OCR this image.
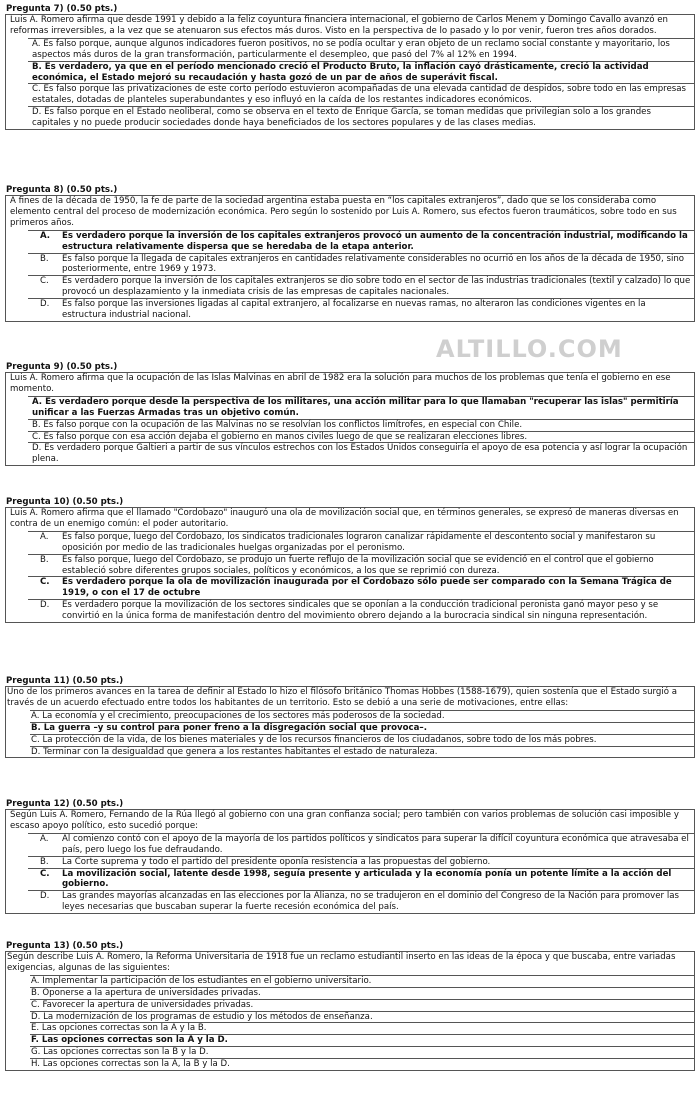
ALTILLO.COM
Pregunta 7) (0.50 pts.)
Luis A. Romero afirma que desde 1991 y debido a la feliz coyuntura financiera internacional, el gobierno de Carlos Menem y Domingo Cavallo avanzó en reformas irreversibles, a la vez que se atenuaron sus efectos más duros. Visto en la perspectiva de lo pasado y lo por venir, fueron tres años dorados.
A. Es falso porque, aunque algunos indicadores fueron positivos, no se podía ocultar y eran objeto de un reclamo social constante y mayoritario, los aspectos más duros de la gran transformación, particularmente el desempleo, que pasó del 7% al 12% en 1994.
B. Es verdadero, ya que en el período mencionado creció el Producto Bruto, la inflación cayó drásticamente, creció la actividad económica, el Estado mejoró su recaudación y hasta gozó de un par de años de superávit fiscal.
C. Es falso porque las privatizaciones de este corto período estuvieron acompañadas de una elevada cantidad de despidos, sobre todo en las empresas estatales, dotadas de planteles superabundantes y eso influyó en la caída de los restantes indicadores económicos.
D. Es falso porque en el Estado neoliberal, como se observa en el texto de Enrique García, se toman medidas que privilegian solo a los grandes capitales y no puede producir sociedades donde haya beneficiados de los sectores populares y de las clases medias.
Pregunta 8) (0.50 pts.)
A fines de la década de 1950, la fe de parte de la sociedad argentina estaba puesta en “los capitales extranjeros”, dado que se los consideraba como elemento central del proceso de modernización económica. Pero según lo sostenido por Luis A. Romero, sus efectos fueron traumáticos, sobre todo en sus primeros años.
A.	Es verdadero porque la inversión de los capitales extranjeros provocó un aumento de la concentración industrial, modificando la estructura relativamente dispersa que se heredaba de la etapa anterior.
B.	Es falso porque la llegada de capitales extranjeros en cantidades relativamente considerables no ocurrió en los años de la década de 1950, sino posteriormente, entre 1969 y 1973.
C.	Es verdadero porque la inversión de los capitales extranjeros se dio sobre todo en el sector de las industrias tradicionales (textil y calzado) lo que provocó un desplazamiento y la inmediata crisis de las empresas de capitales nacionales.
D.	Es falso porque las inversiones ligadas al capital extranjero, al focalizarse en nuevas ramas, no alteraron las condiciones vigentes en la estructura industrial nacional.
Pregunta 9) (0.50 pts.)
Luis A. Romero afirma que la ocupación de las Islas Malvinas en abril de 1982 era la solución para muchos de los problemas que tenía el gobierno en ese momento.
A. Es verdadero porque desde la perspectiva de los militares, una acción militar para lo que llamaban "recuperar las islas" permitiría unificar a las Fuerzas Armadas tras un objetivo común.
B. Es falso porque con la ocupación de las Malvinas no se resolvían los conflictos limítrofes, en especial con Chile.
C. Es falso porque con esa acción dejaba el gobierno en manos civiles luego de que se realizaran elecciones libres.
D. Es verdadero porque Galtieri a partir de sus vínculos estrechos con los Estados Unidos conseguiría el apoyo de esa potencia y así lograr la ocupación plena.
Pregunta 10) (0.50 pts.)
Luis A. Romero afirma que el llamado "Cordobazo" inauguró una ola de movilización social que, en términos generales, se expresó de maneras diversas en contra de un enemigo común: el poder autoritario.
A.	Es falso porque, luego del Cordobazo, los sindicatos tradicionales lograron canalizar rápidamente el descontento social y manifestaron su oposición por medio de las tradicionales huelgas organizadas por el peronismo.
B.	Es falso porque, luego del Cordobazo, se produjo un fuerte reflujo de la movilización social que se evidenció en el control que el gobierno estableció sobre diferentes grupos sociales, políticos y económicos, a los que se reprimió con dureza.
C.	Es verdadero porque la ola de movilización inaugurada por el Cordobazo sólo puede ser comparado con la Semana Trágica de 1919, o con el 17 de octubre
D.	Es verdadero porque la movilización de los sectores sindicales que se oponían a la conducción tradicional peronista ganó mayor peso y se convirtió en la única forma de manifestación dentro del movimiento obrero dejando a la burocracia sindical sin ninguna representación.
Pregunta 11) (0.50 pts.)
Uno de los primeros avances en la tarea de definir al Estado lo hizo el filósofo británico Thomas Hobbes (1588-1679), quien sostenía que el Estado surgió a través de un acuerdo efectuado entre todos los habitantes de un territorio. Esto se debió a una serie de motivaciones, entre ellas:
A. La economía y el crecimiento, preocupaciones de los sectores más poderosos de la sociedad.
B. La guerra –y su control para poner freno a la disgregación social que provoca–.
C. La protección de la vida, de los bienes materiales y de los recursos financieros de los ciudadanos, sobre todo de los más pobres.
D. Terminar con la desigualdad que genera a los restantes habitantes el estado de naturaleza.
Pregunta 12) (0.50 pts.)
Según Luis A. Romero, Fernando de la Rúa llegó al gobierno con una gran confianza social; pero también con varios problemas de solución casi imposible y escaso apoyo político, esto sucedió porque:
A.	Al comienzo contó con el apoyo de la mayoría de los partidos políticos y sindicatos para superar la difícil coyuntura económica que atravesaba el país, pero luego los fue defraudando.
B.	La Corte suprema y todo el partido del presidente oponía resistencia a las propuestas del gobierno.
C.	La movilización social, latente desde 1998, seguía presente y articulada y la economía ponía un potente límite a la acción del gobierno.
D.	Las grandes mayorías alcanzadas en las elecciones por la Alianza, no se tradujeron en el dominio del Congreso de la Nación para promover las leyes necesarias que buscaban superar la fuerte recesión económica del país.
Pregunta 13) (0.50 pts.)
Según describe Luis A. Romero, la Reforma Universitaria de 1918 fue un reclamo estudiantil inserto en las ideas de la época y que buscaba, entre variadas exigencias, algunas de las siguientes:
A. Implementar la participación de los estudiantes en el gobierno universitario.
B. Oponerse a la apertura de universidades privadas.
C. Favorecer la apertura de universidades privadas.
D. La modernización de los programas de estudio y los métodos de enseñanza.
E. Las opciones correctas son la A y la B.
F. Las opciones correctas son la A y la D.
G. Las opciones correctas son la B y la D.
H. Las opciones correctas son la A, la B y la D.
